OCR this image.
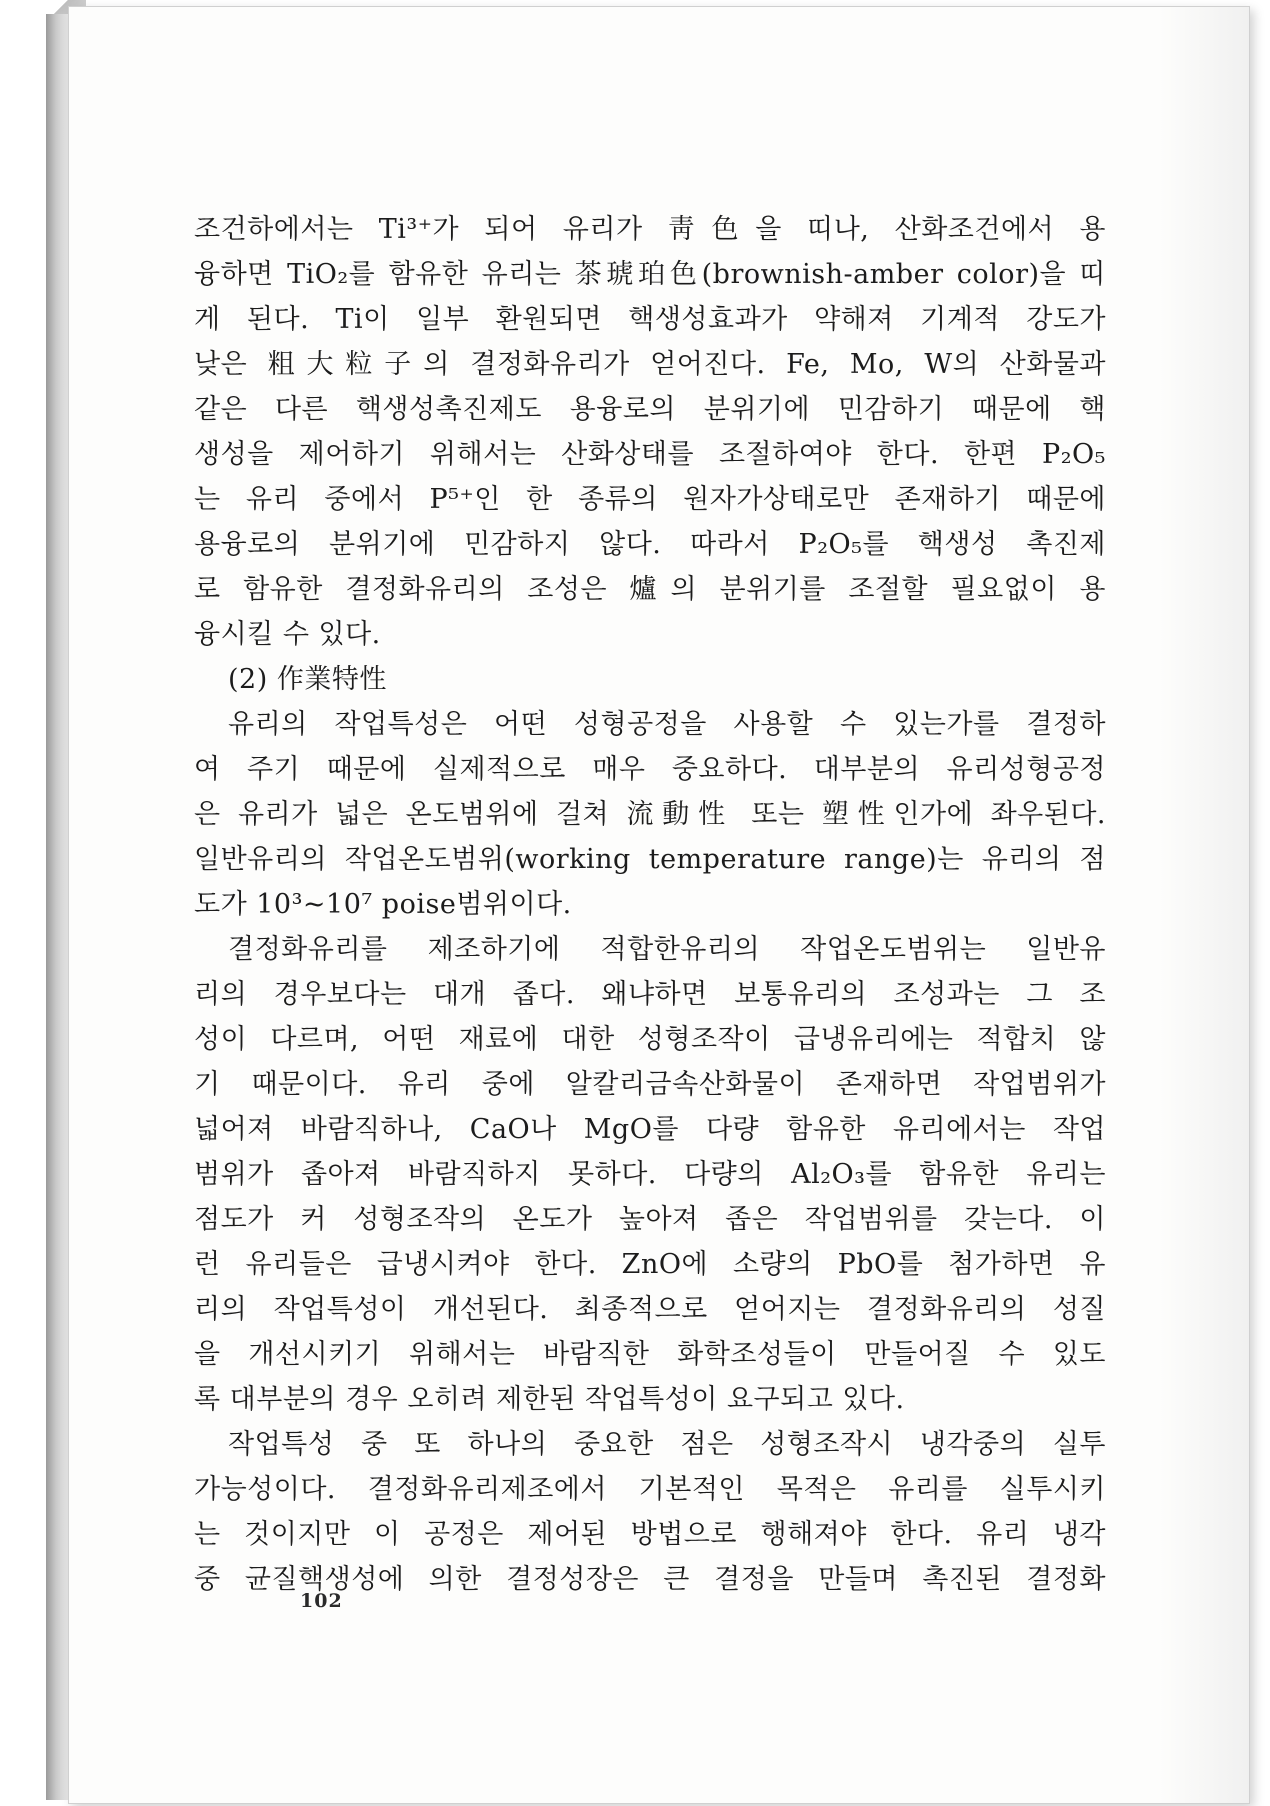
조건하에서는 Ti³⁺가 되어 유리가 靑色을 띠나, 산화조건에서 용
융하면 TiO₂를 함유한 유리는 茶琥珀色(brownish-amber color)을 띠
게 된다. Ti이 일부 환원되면 핵생성효과가 약해져 기계적 강도가
낮은 粗大粒子의 결정화유리가 얻어진다. Fe, Mo, W의 산화물과
같은 다른 핵생성촉진제도 용융로의 분위기에 민감하기 때문에 핵
생성을 제어하기 위해서는 산화상태를 조절하여야 한다. 한편 P₂O₅
는 유리 중에서 P⁵⁺인 한 종류의 원자가상태로만 존재하기 때문에
용융로의 분위기에 민감하지 않다. 따라서 P₂O₅를 핵생성 촉진제
로 함유한 결정화유리의 조성은 爐의 분위기를 조절할 필요없이 용
융시킬 수 있다.
(2) 作業特性
유리의 작업특성은 어떤 성형공정을 사용할 수 있는가를 결정하
여 주기 때문에 실제적으로 매우 중요하다. 대부분의 유리성형공정
은 유리가 넓은 온도범위에 걸쳐 流動性 또는 塑性인가에 좌우된다.
일반유리의 작업온도범위(working temperature range)는 유리의 점
도가 10³~10⁷ poise범위이다.
결정화유리를 제조하기에 적합한유리의 작업온도범위는 일반유
리의 경우보다는 대개 좁다. 왜냐하면 보통유리의 조성과는 그 조
성이 다르며, 어떤 재료에 대한 성형조작이 급냉유리에는 적합치 않
기 때문이다. 유리 중에 알칼리금속산화물이 존재하면 작업범위가
넓어져 바람직하나, CaO나 MgO를 다량 함유한 유리에서는 작업
범위가 좁아져 바람직하지 못하다. 다량의 Al₂O₃를 함유한 유리는
점도가 커 성형조작의 온도가 높아져 좁은 작업범위를 갖는다. 이
런 유리들은 급냉시켜야 한다. ZnO에 소량의 PbO를 첨가하면 유
리의 작업특성이 개선된다. 최종적으로 얻어지는 결정화유리의 성질
을 개선시키기 위해서는 바람직한 화학조성들이 만들어질 수 있도
록 대부분의 경우 오히려 제한된 작업특성이 요구되고 있다.
작업특성 중 또 하나의 중요한 점은 성형조작시 냉각중의 실투
가능성이다. 결정화유리제조에서 기본적인 목적은 유리를 실투시키
는 것이지만 이 공정은 제어된 방법으로 행해져야 한다. 유리 냉각
중 균질핵생성에 의한 결정성장은 큰 결정을 만들며 촉진된 결정화
102
